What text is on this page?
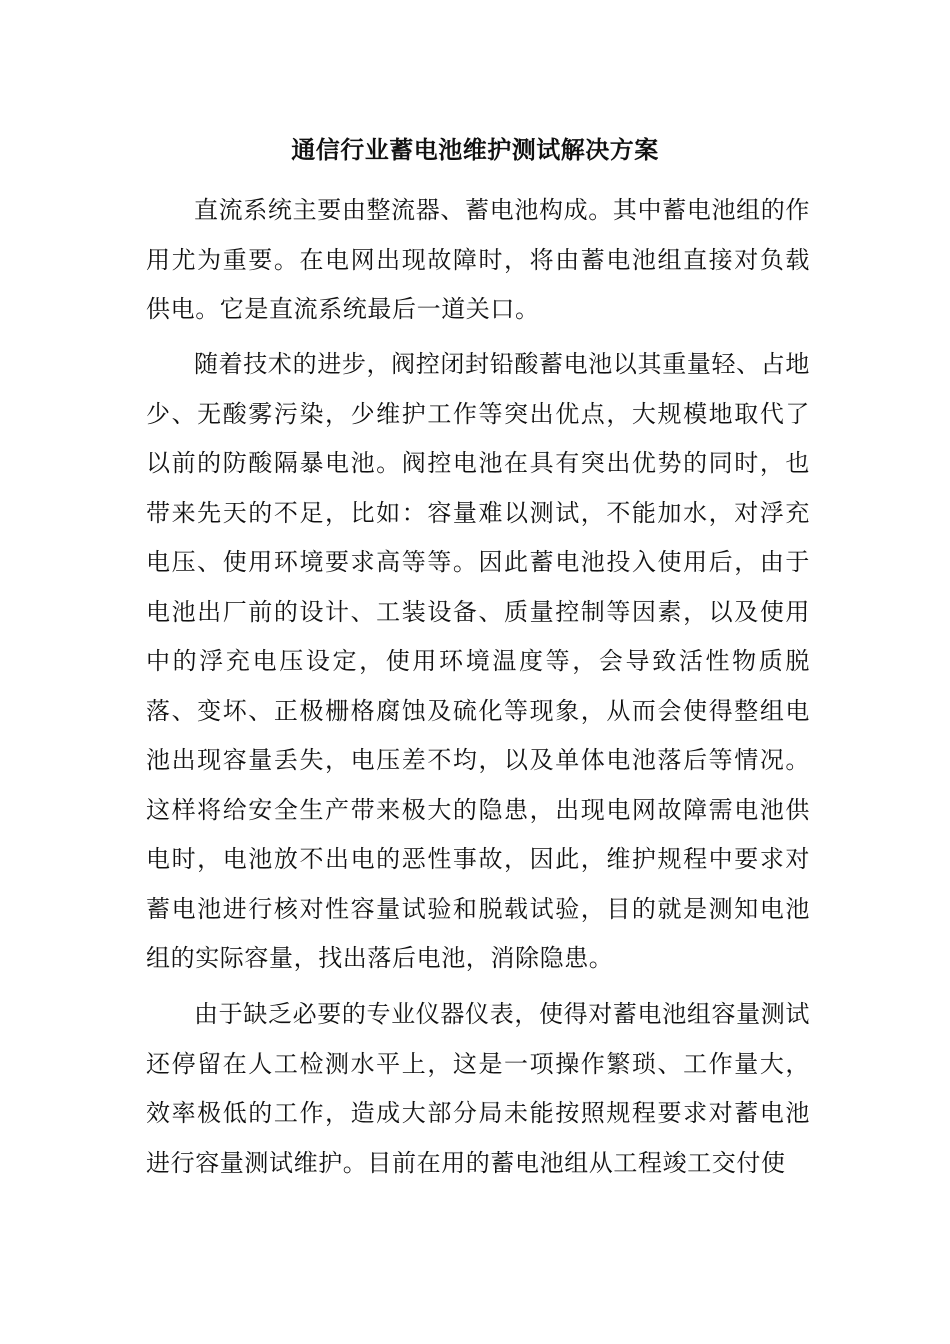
通信行业蓄电池维护测试解决方案

直流系统主要由整流器、蓄电池构成。其中蓄电池组的作用尤为重要。在电网出现故障时，将由蓄电池组直接对负载供电。它是直流系统最后一道关口。

随着技术的进步，阀控闭封铅酸蓄电池以其重量轻、占地少、无酸雾污染，少维护工作等突出优点，大规模地取代了以前的防酸隔暴电池。阀控电池在具有突出优势的同时，也带来先天的不足，比如：容量难以测试，不能加水，对浮充电压、使用环境要求高等等。因此蓄电池投入使用后，由于电池出厂前的设计、工装设备、质量控制等因素，以及使用中的浮充电压设定，使用环境温度等，会导致活性物质脱落、变坏、正极栅格腐蚀及硫化等现象，从而会使得整组电池出现容量丢失，电压差不均，以及单体电池落后等情况。这样将给安全生产带来极大的隐患，出现电网故障需电池供电时，电池放不出电的恶性事故，因此，维护规程中要求对蓄电池进行核对性容量试验和脱载试验，目的就是测知电池组的实际容量，找出落后电池，消除隐患。

由于缺乏必要的专业仪器仪表，使得对蓄电池组容量测试还停留在人工检测水平上，这是一项操作繁琐、工作量大，效率极低的工作，造成大部分局未能按照规程要求对蓄电池进行容量测试维护。目前在用的蓄电池组从工程竣工交付使
